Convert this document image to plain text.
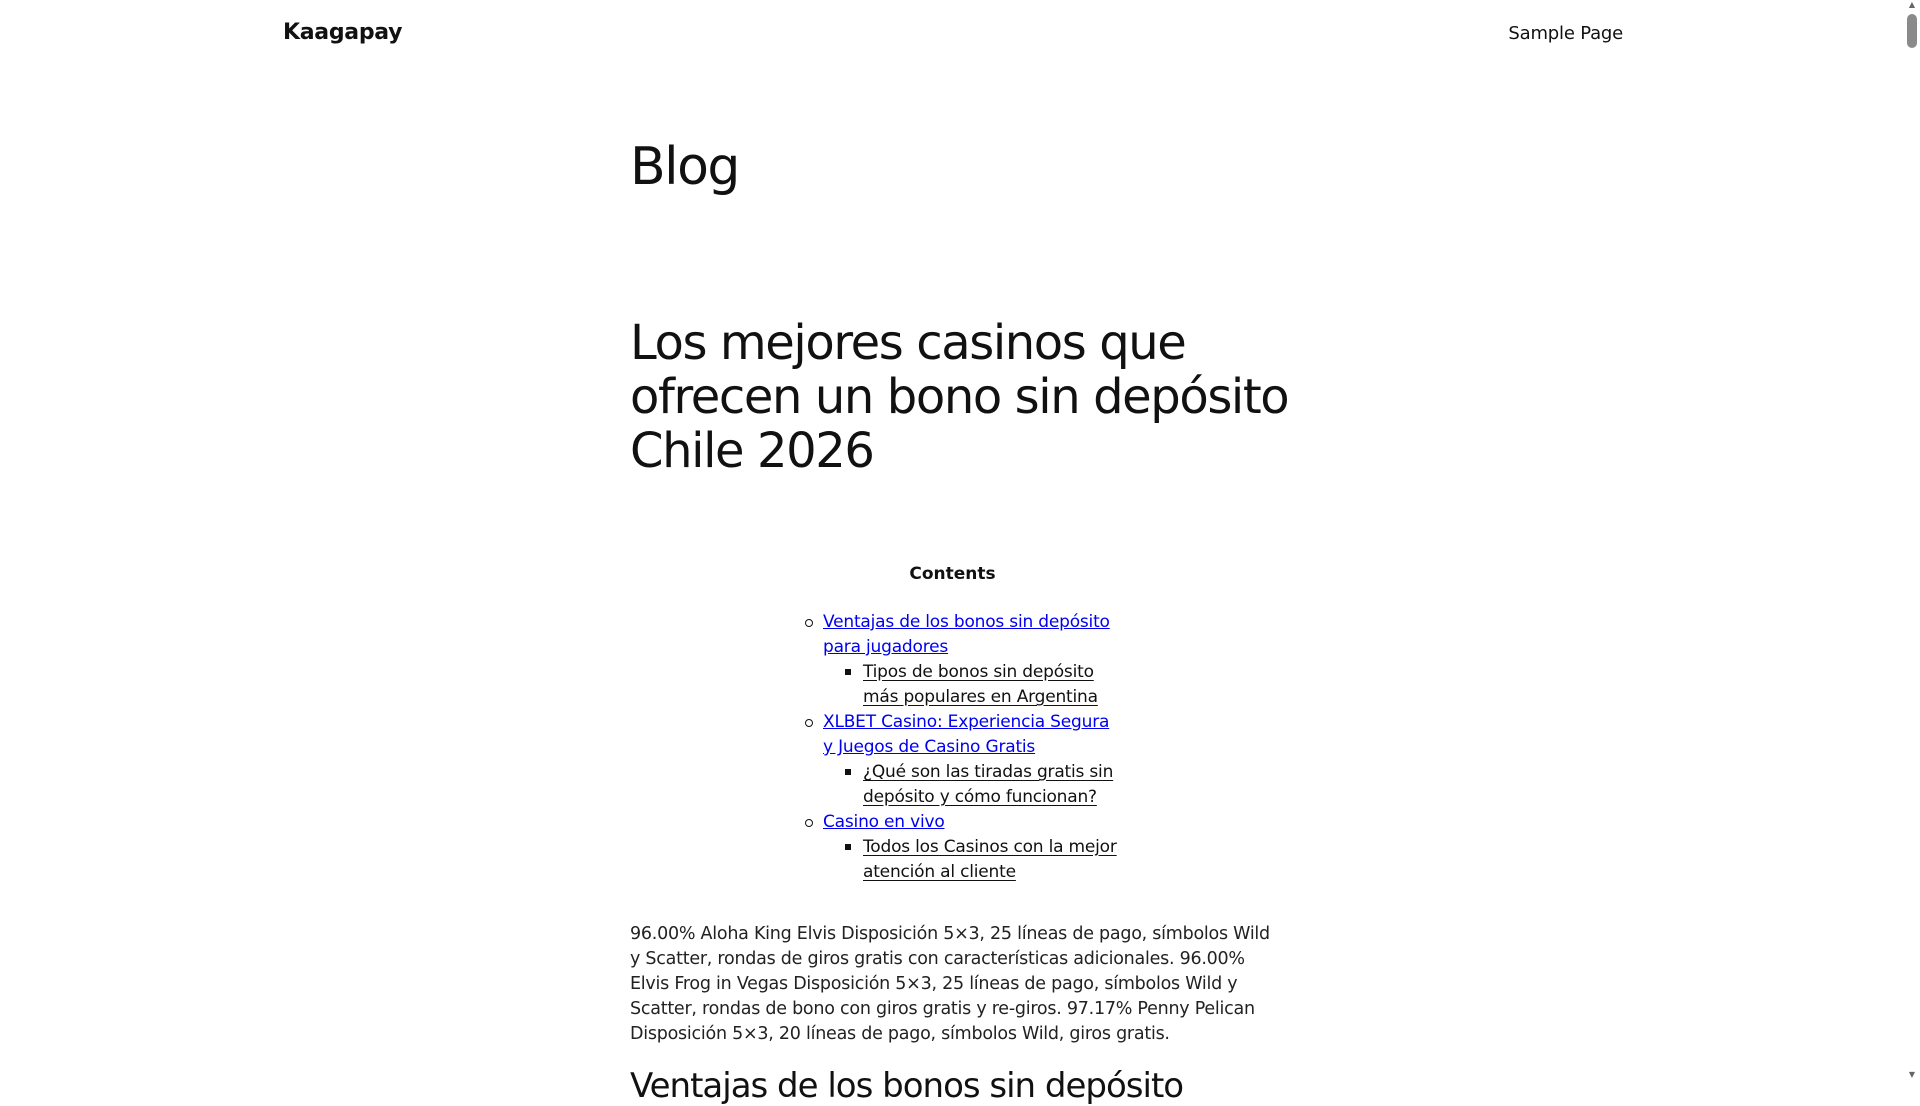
Kaagapay	Sample Page
▲
▼
Blog
Los mejores casinos que ofrecen un bono sin depósito Chile 2026

Contents

Ventajas de los bonos sin depósito para jugadores
Tipos de bonos sin depósito más populares en Argentina
XLBET Casino: Experiencia Segura y Juegos de Casino Gratis
¿Qué son las tiradas gratis sin depósito y cómo funcionan?
Casino en vivo
Todos los Casinos con la mejor atención al cliente

96.00% Aloha King Elvis Disposición 5×3, 25 líneas de pago, símbolos Wild y Scatter, rondas de giros gratis con características adicionales. 96.00% Elvis Frog in Vegas Disposición 5×3, 25 líneas de pago, símbolos Wild y Scatter, rondas de bono con giros gratis y re-giros. 97.17% Penny Pelican Disposición 5×3, 20 líneas de pago, símbolos Wild, giros gratis.

Ventajas de los bonos sin depósito
